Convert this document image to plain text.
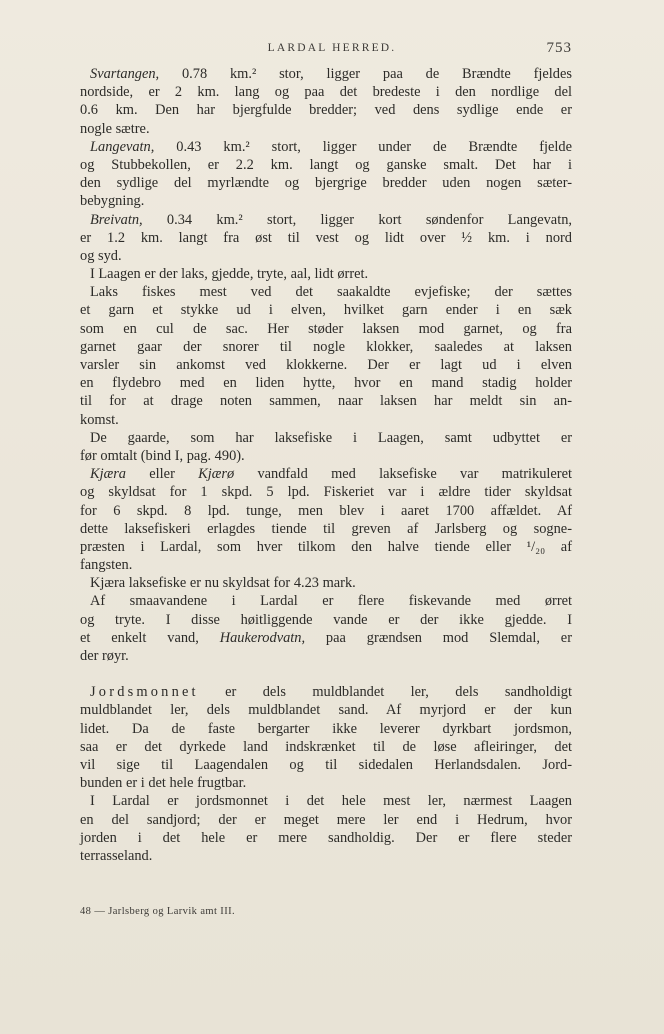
LARDAL HERRED.	753
Svartangen, 0.78 km.² stor, ligger paa de Brændte fjeldes
nordside, er 2 km. lang og paa det bredeste i den nordlige del
0.6 km. Den har bjergfulde bredder; ved dens sydlige ende er
nogle sætre.
Langevatn, 0.43 km.² stort, ligger under de Brændte fjelde
og Stubbekollen, er 2.2 km. langt og ganske smalt. Det har i
den sydlige del myrlændte og bjergrige bredder uden nogen sæter-
bebygning.
Breivatn, 0.34 km.² stort, ligger kort søndenfor Langevatn,
er 1.2 km. langt fra øst til vest og lidt over ½ km. i nord
og syd.
I Laagen er der laks, gjedde, tryte, aal, lidt ørret.
Laks fiskes mest ved det saakaldte evjefiske; der sættes
et garn et stykke ud i elven, hvilket garn ender i en sæk
som en cul de sac. Her støder laksen mod garnet, og fra
garnet gaar der snorer til nogle klokker, saaledes at laksen
varsler sin ankomst ved klokkerne. Der er lagt ud i elven
en flydebro med en liden hytte, hvor en mand stadig holder
til for at drage noten sammen, naar laksen har meldt sin an-
komst.
De gaarde, som har laksefiske i Laagen, samt udbyttet er
før omtalt (bind I, pag. 490).
Kjæra eller Kjærø vandfald med laksefiske var matrikuleret
og skyldsat for 1 skpd. 5 lpd. Fiskeriet var i ældre tider skyldsat
for 6 skpd. 8 lpd. tunge, men blev i aaret 1700 affældet. Af
dette laksefiskeri erlagdes tiende til greven af Jarlsberg og sogne-
præsten i Lardal, som hver tilkom den halve tiende eller ¹/₂₀ af
fangsten.
Kjæra laksefiske er nu skyldsat for 4.23 mark.
Af smaavandene i Lardal er flere fiskevande med ørret
og tryte. I disse høitliggende vande er der ikke gjedde. I
et enkelt vand, Haukerodvatn, paa grændsen mod Slemdal, er
der røyr.
Jordsmonnet er dels muldblandet ler, dels sandholdigt
muldblandet ler, dels muldblandet sand. Af myrjord er der kun
lidet. Da de faste bergarter ikke leverer dyrkbart jordsmon,
saa er det dyrkede land indskrænket til de løse afleiringer, det
vil sige til Laagendalen og til sidedalen Herlandsdalen. Jord-
bunden er i det hele frugtbar.
I Lardal er jordsmonnet i det hele mest ler, nærmest Laagen
en del sandjord; der er meget mere ler end i Hedrum, hvor
jorden i det hele er mere sandholdig. Der er flere steder
terrasseland.
48 — Jarlsberg og Larvik amt III.
